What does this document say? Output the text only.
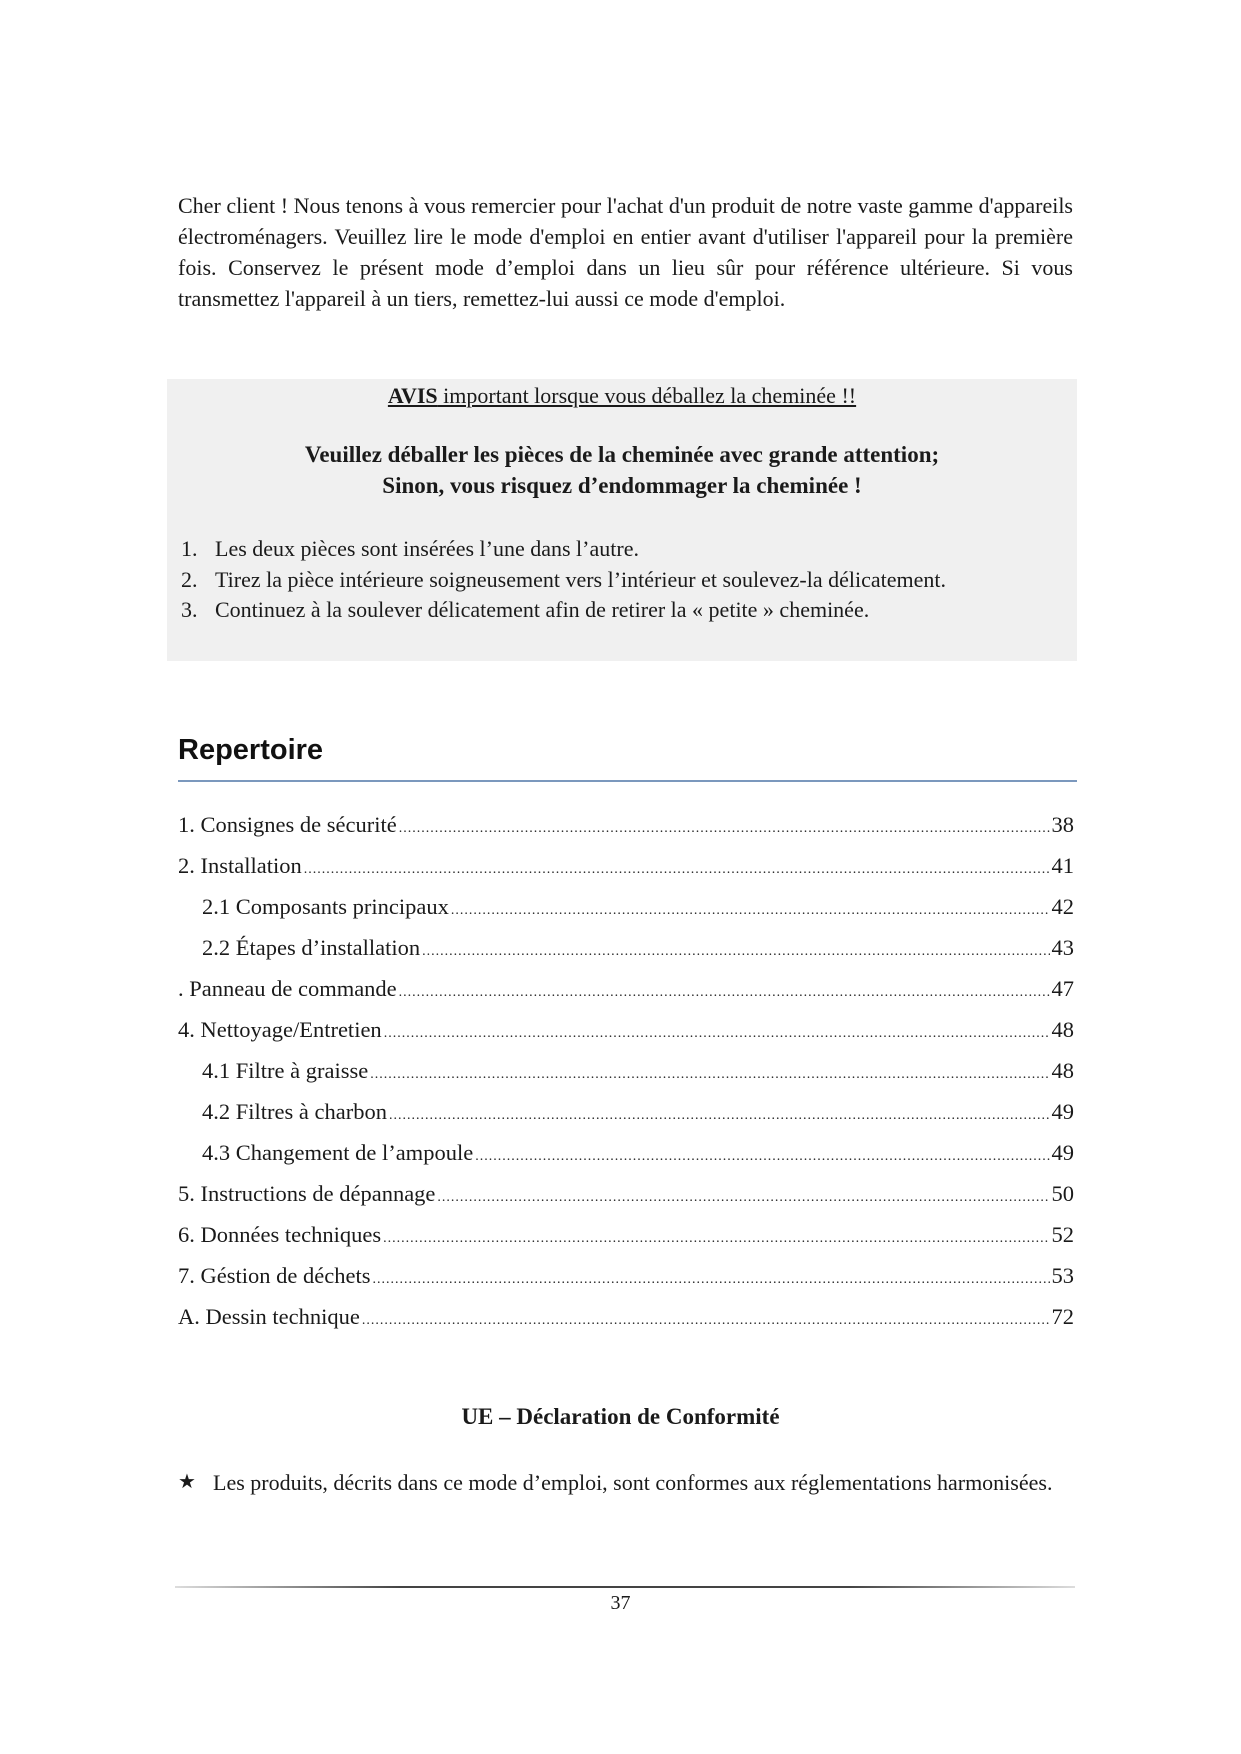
Cher client ! Nous tenons à vous remercier pour l'achat d'un produit de notre vaste gamme d'appareils électroménagers. Veuillez lire le mode d'emploi en entier avant d'utiliser l'appareil pour la première fois. Conservez le présent mode d’emploi dans un lieu sûr pour référence ultérieure. Si vous transmettez l'appareil à un tiers, remettez-lui aussi ce mode d'emploi.
AVIS important lorsque vous déballez la cheminée !!
Veuillez déballer les pièces de la cheminée avec grande attention;
Sinon, vous risquez d’endommager la cheminée !
1. Les deux pièces sont insérées l’une dans l’autre.
2. Tirez la pièce intérieure soigneusement vers l’intérieur et soulevez-la délicatement.
3. Continuez à la soulever délicatement afin de retirer la « petite » cheminée.
Repertoire
1. Consignes de sécurité .....	38
2. Installation .....	41
2.1 Composants principaux .....	42
2.2 Étapes d’installation .....	43
. Panneau de commande .....	47
4. Nettoyage/Entretien .....	48
4.1 Filtre à graisse .....	48
4.2 Filtres à charbon .....	49
4.3 Changement de l’ampoule .....	49
5. Instructions de dépannage .....	50
6. Données techniques .....	52
7. Géstion de déchets .....	53
A. Dessin technique .....	72
UE – Déclaration de Conformité
★ Les produits, décrits dans ce mode d’emploi, sont conformes aux réglementations harmonisées.
37
